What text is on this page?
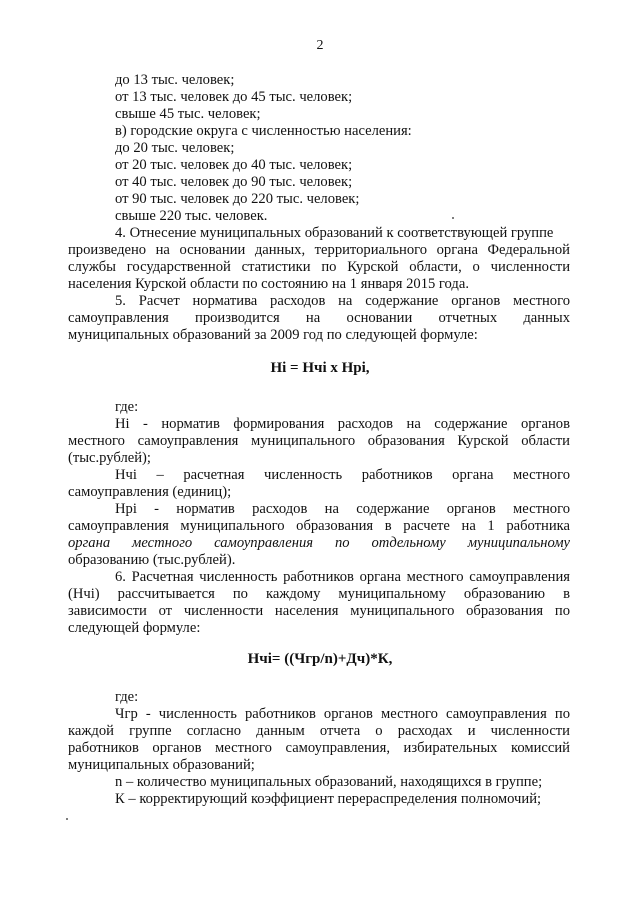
2
до 13 тыс. человек;
от 13 тыс. человек до 45 тыс. человек;
свыше 45 тыс. человек;
в) городские округа с численностью населения:
до 20 тыс. человек;
от 20 тыс. человек до 40 тыс. человек;
от 40 тыс. человек до 90 тыс. человек;
от 90 тыс. человек до 220 тыс. человек;
свыше 220 тыс. человек.
4. Отнесение муниципальных образований к соответствующей группе
произведено на основании данных, территориального органа Федеральной
службы государственной статистики по Курской области, о численности
населения Курской области по состоянию на 1 января 2015 года.
5. Расчет норматива расходов на содержание органов местного
самоуправления производится на основании отчетных данных
муниципальных образований за 2009 год по следующей формуле:
Нi = Нчi х Нрi,
где:
Нi - норматив формирования расходов на содержание органов
местного самоуправления муниципального образования Курской области
(тыс.рублей);
Нчi – расчетная численность работников органа местного
самоуправления (единиц);
Нрi - норматив расходов на содержание органов местного
самоуправления муниципального образования в расчете на 1 работника
органа местного самоуправления по отдельному муниципальному
образованию (тыс.рублей).
6. Расчетная численность работников органа местного самоуправления
(Нчi) рассчитывается по каждому муниципальному образованию в
зависимости от численности населения муниципального образования по
следующей формуле:
Нчi= ((Чгр/n)+Дч)*К,
где:
Чгр - численность работников органов местного самоуправления по
каждой группе согласно данным отчета о расходах и численности
работников органов местного самоуправления, избирательных комиссий
муниципальных образований;
n – количество муниципальных образований, находящихся в группе;
К – корректирующий коэффициент перераспределения полномочий;
